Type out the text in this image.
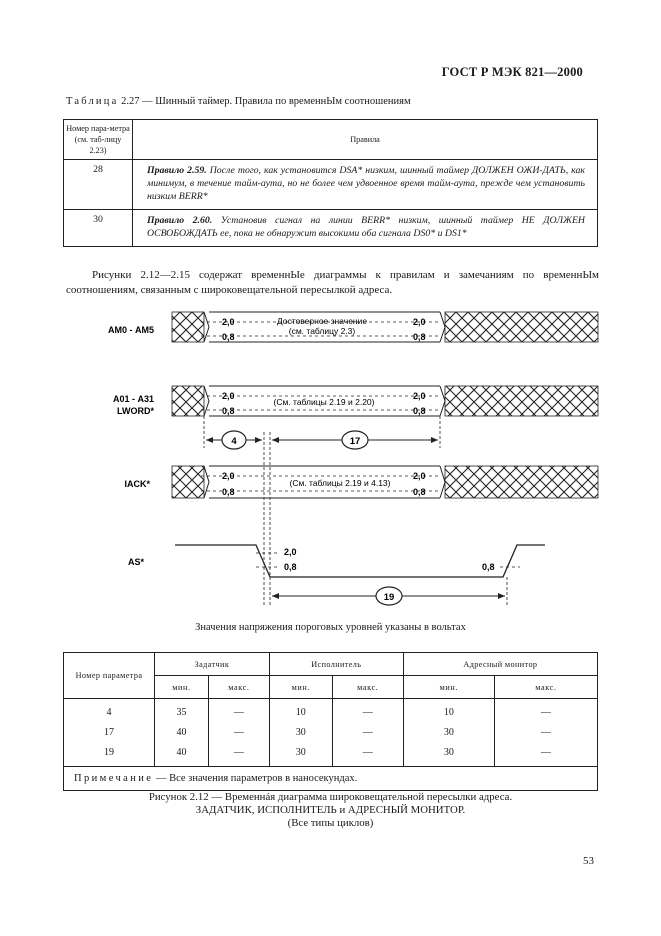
ГОСТ Р МЭК 821—2000
Таблица 2.27 — Шинный таймер. Правила по временнЫм соотношениям
Номер пара-метра (см. таб-лицу 2.23)	Правила
28	Правило 2.59. После того, как установится DSA* низким, шинный таймер ДОЛЖЕН ОЖИ-ДАТЬ, как минимум, в течение тайм-аута, но не более чем удвоенное время тайм-аута, прежде чем установить низким BERR*
30	Правило 2.60. Установив сигнал на линии BERR* низким, шинный таймер НЕ ДОЛЖЕН ОСВОБОЖДАТЬ ее, пока не обнаружит высокими оба сигнала DS0* и DS1*
Рисунки 2.12—2.15 содержат временнЫе диаграммы к правилам и замечаниям по временнЫм соотношениям, связанным с широковещательной пересылкой адреса.
АМ0 - АМ5
2,0
0,8
2,0
0,8
Достоверное значение
(см. таблицу 2.3)
А01 - А31
LWORD*
2,0
0,8
2,0
0,8
(См. таблицы 2.19 и 2.20)
4	17
IACK*
2,0
0,8
2,0
0,8
(См. таблицы 2.19 и 4.13)
AS*
2,0
0,8	0,8
19
Значения напряжения пороговых уровней указаны в вольтах
Номер параметра	Задатчик		Исполнитель		Адресный монитор	
	мин.	макс.	мин.	макс.	мин.	макс.
4	35	—	10	—	10	—
17	40	—	30	—	30	—
19	40	—	30	—	30	—
Примечание — Все значения параметров в наносекундах.						
Рисунок 2.12 — Временнáя диаграмма широковещательной пересылки адреса.
ЗАДАТЧИК, ИСПОЛНИТЕЛЬ и АДРЕСНЫЙ МОНИТОР.
(Все типы циклов)
53
